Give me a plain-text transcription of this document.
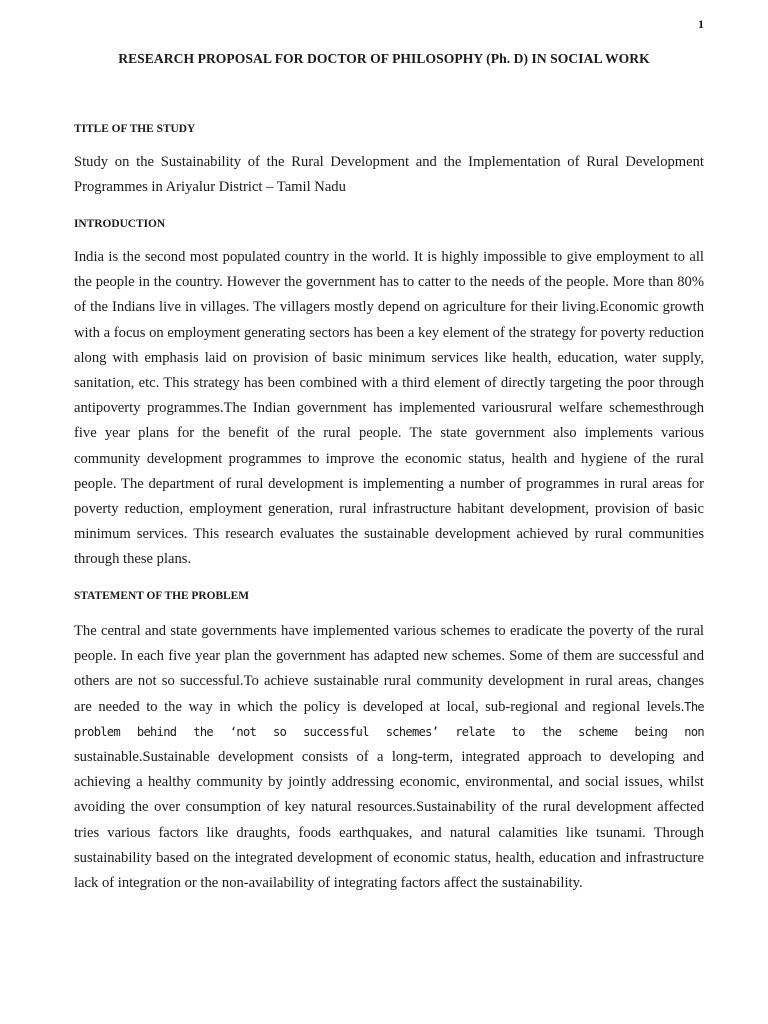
1
RESEARCH PROPOSAL FOR DOCTOR OF PHILOSOPHY (Ph. D) IN SOCIAL WORK
TITLE OF THE STUDY
Study on the Sustainability of the Rural Development and the Implementation of Rural Development Programmes in Ariyalur District – Tamil Nadu
INTRODUCTION
India is the second most populated country in the world. It is highly impossible to give employment to all the people in the country. However the government has to catter to the needs of the people. More than 80% of the Indians live in villages. The villagers mostly depend on agriculture for their living.Economic growth with a focus on employment generating sectors has been a key element of the strategy for poverty reduction along with emphasis laid on provision of basic minimum services like health, education, water supply, sanitation, etc. This strategy has been combined with a third element of directly targeting the poor through antipoverty programmes.The Indian government has implemented variousrural welfare schemesthrough five year plans for the benefit of the rural people. The state government also implements various community development programmes to improve the economic status, health and hygiene of the rural people. The department of rural development is implementing a number of programmes in rural areas for poverty reduction, employment generation, rural infrastructure habitant development, provision of basic minimum services. This research evaluates the sustainable development achieved by rural communities through these plans.
STATEMENT OF THE PROBLEM
The central and state governments have implemented various schemes to eradicate the poverty of the rural people. In each five year plan the government has adapted new schemes. Some of them are successful and others are not so successful.To achieve sustainable rural community development in rural areas, changes are needed to the way in which the policy is developed at local, sub-regional and regional levels.The problem behind the ‘not so successful schemes’ relate to the scheme being non sustainable.Sustainable development consists of a long-term, integrated approach to developing and achieving a healthy community by jointly addressing economic, environmental, and social issues, whilst avoiding the over consumption of key natural resources.Sustainability of the rural development affected tries various factors like draughts, foods earthquakes, and natural calamities like tsunami. Through sustainability based on the integrated development of economic status, health, education and infrastructure lack of integration or the non-availability of integrating factors affect the sustainability.
